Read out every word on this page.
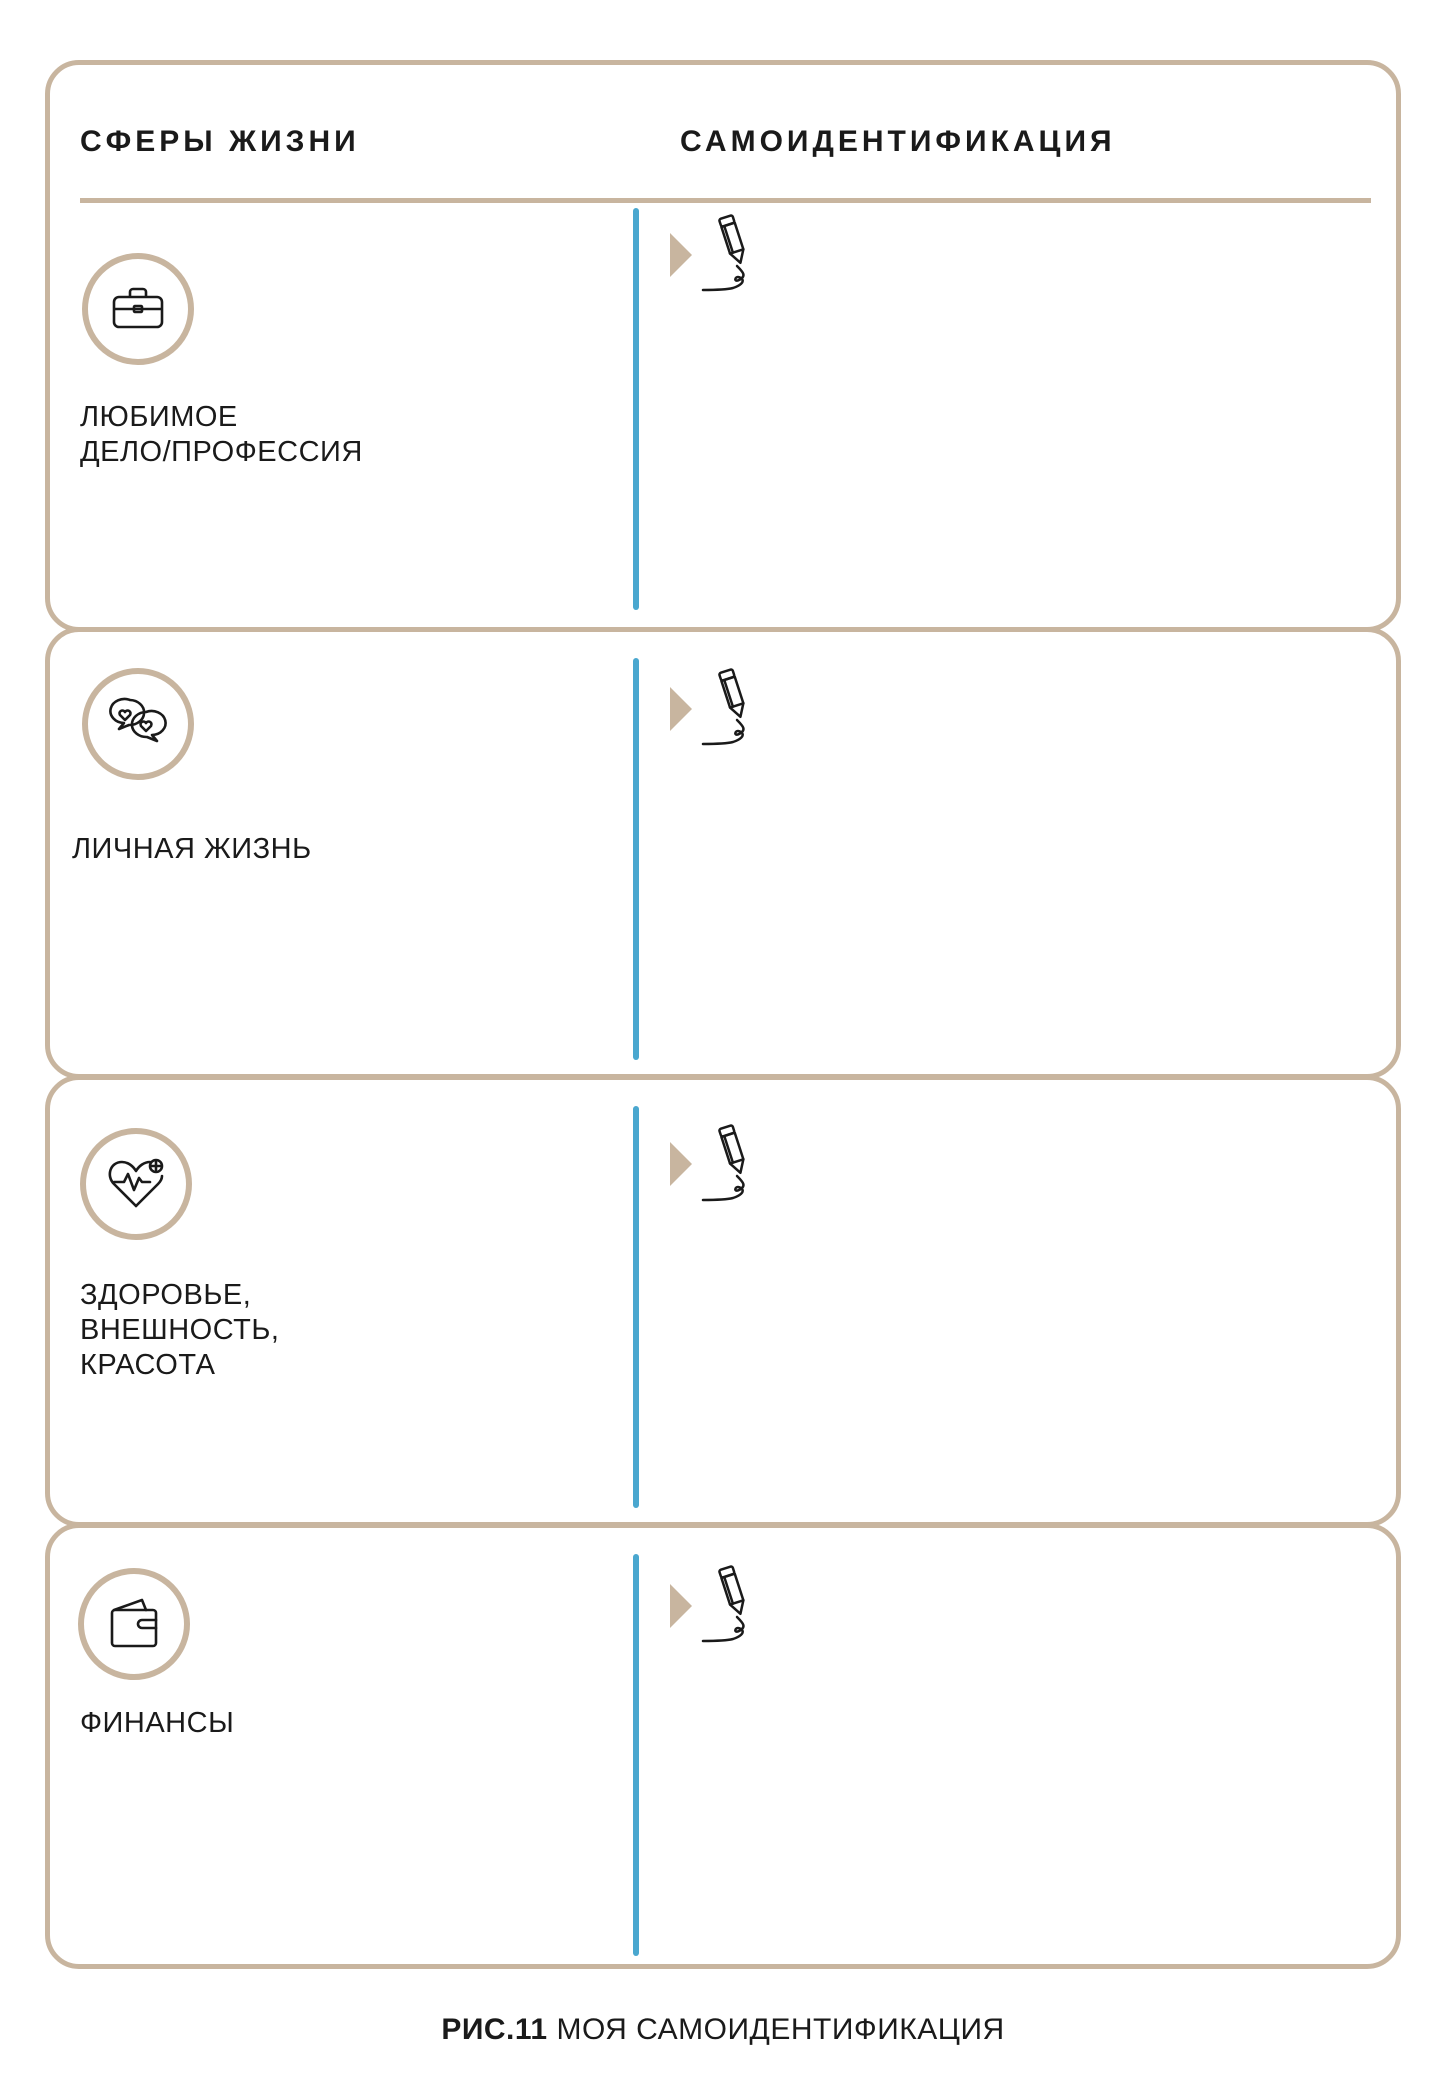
СФЕРЫ ЖИЗНИ	САМОИДЕНТИФИКАЦИЯ
ЛЮБИМОЕ
ДЕЛО/ПРОФЕССИЯ
ЛИЧНАЯ ЖИЗНЬ
ЗДОРОВЬЕ,
ВНЕШНОСТЬ,
КРАСОТА
ФИНАНСЫ
РИС.11 МОЯ САМОИДЕНТИФИКАЦИЯ
